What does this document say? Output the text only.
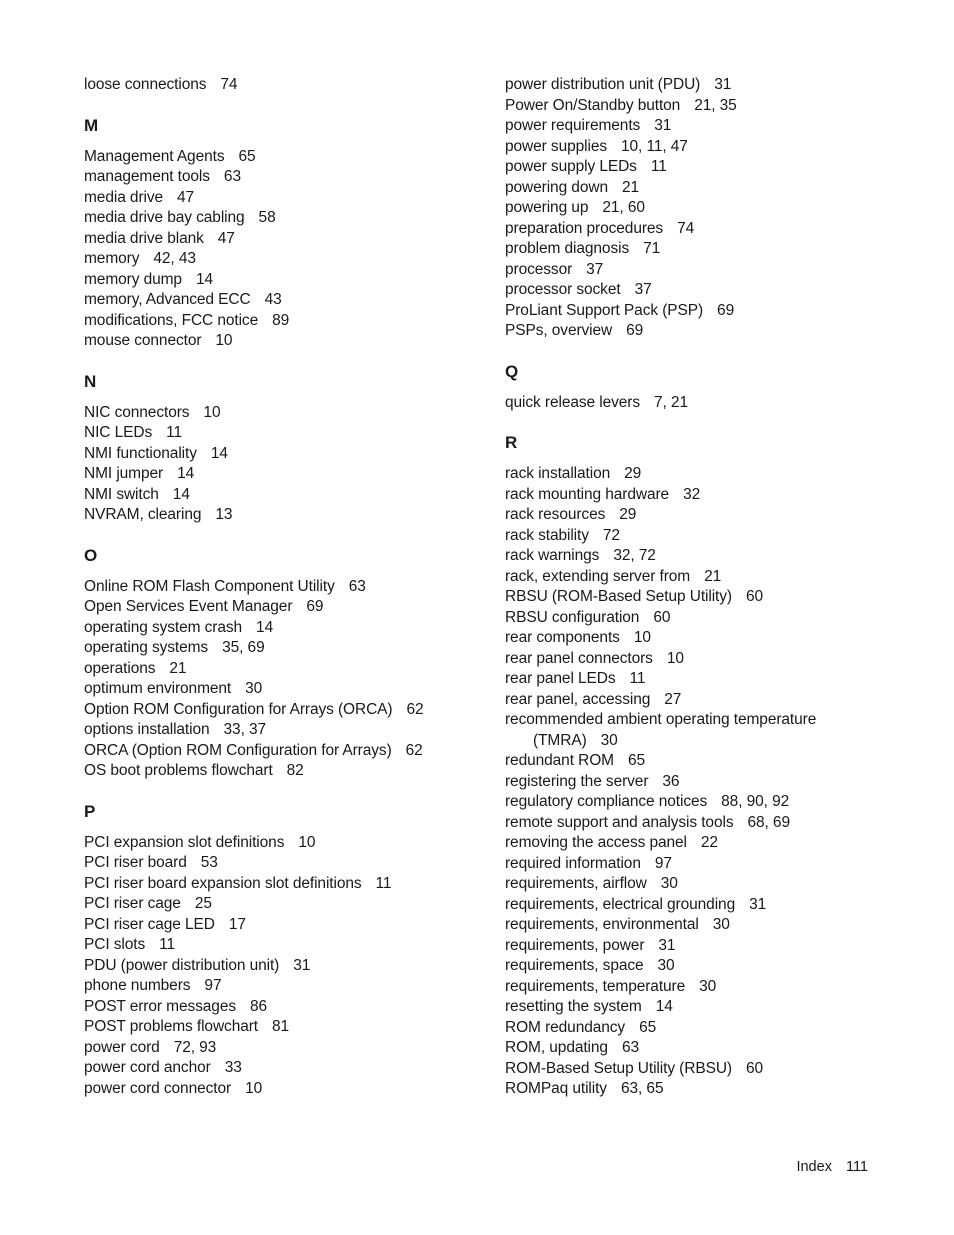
loose connections 74
M
Management Agents 65
management tools 63
media drive 47
media drive bay cabling 58
media drive blank 47
memory 42, 43
memory dump 14
memory, Advanced ECC 43
modifications, FCC notice 89
mouse connector 10
N
NIC connectors 10
NIC LEDs 11
NMI functionality 14
NMI jumper 14
NMI switch 14
NVRAM, clearing 13
O
Online ROM Flash Component Utility 63
Open Services Event Manager 69
operating system crash 14
operating systems 35, 69
operations 21
optimum environment 30
Option ROM Configuration for Arrays (ORCA) 62
options installation 33, 37
ORCA (Option ROM Configuration for Arrays) 62
OS boot problems flowchart 82
P
PCI expansion slot definitions 10
PCI riser board 53
PCI riser board expansion slot definitions 11
PCI riser cage 25
PCI riser cage LED 17
PCI slots 11
PDU (power distribution unit) 31
phone numbers 97
POST error messages 86
POST problems flowchart 81
power cord 72, 93
power cord anchor 33
power cord connector 10
power distribution unit (PDU) 31
Power On/Standby button 21, 35
power requirements 31
power supplies 10, 11, 47
power supply LEDs 11
powering down 21
powering up 21, 60
preparation procedures 74
problem diagnosis 71
processor 37
processor socket 37
ProLiant Support Pack (PSP) 69
PSPs, overview 69
Q
quick release levers 7, 21
R
rack installation 29
rack mounting hardware 32
rack resources 29
rack stability 72
rack warnings 32, 72
rack, extending server from 21
RBSU (ROM-Based Setup Utility) 60
RBSU configuration 60
rear components 10
rear panel connectors 10
rear panel LEDs 11
rear panel, accessing 27
recommended ambient operating temperature
(TMRA) 30
redundant ROM 65
registering the server 36
regulatory compliance notices 88, 90, 92
remote support and analysis tools 68, 69
removing the access panel 22
required information 97
requirements, airflow 30
requirements, electrical grounding 31
requirements, environmental 30
requirements, power 31
requirements, space 30
requirements, temperature 30
resetting the system 14
ROM redundancy 65
ROM, updating 63
ROM-Based Setup Utility (RBSU) 60
ROMPaq utility 63, 65
Index 111
